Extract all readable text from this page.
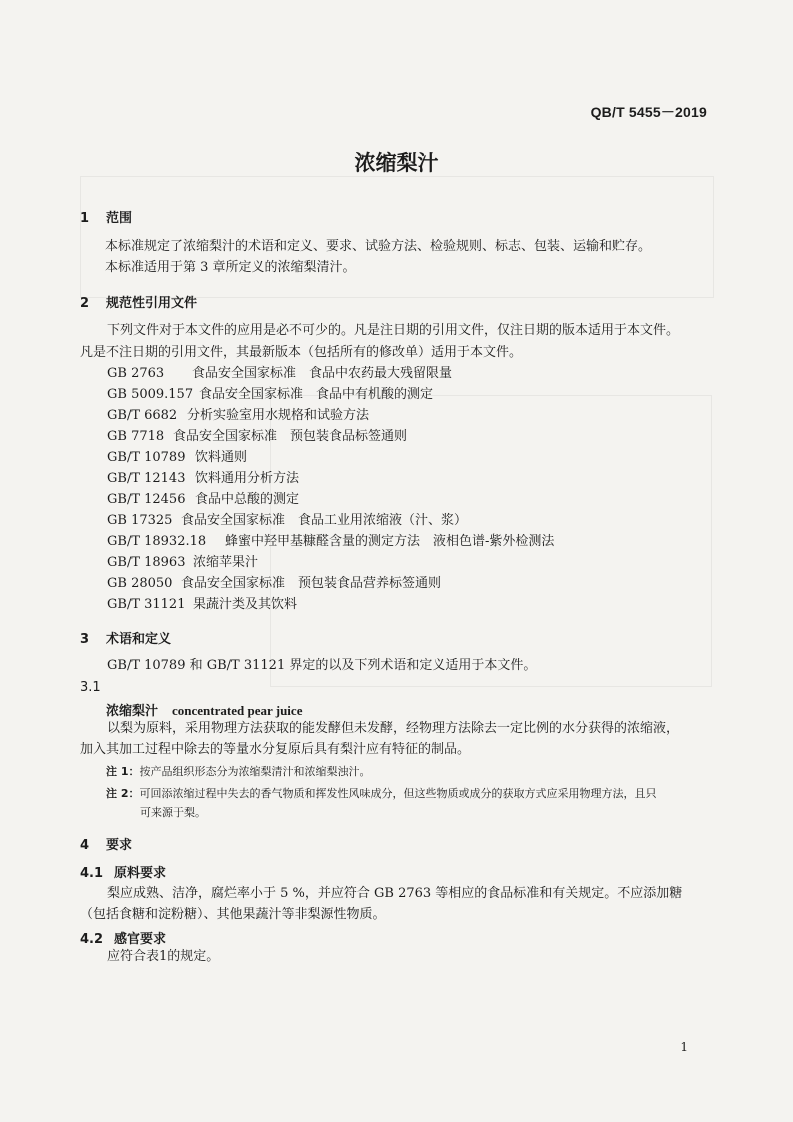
QB/T 5455－2019
浓缩梨汁
1 范围

本标准规定了浓缩梨汁的术语和定义、要求、试验方法、检验规则、标志、包装、运输和贮存。

本标准适用于第 3 章所定义的浓缩梨清汁。

2 规范性引用文件

下列文件对于本文件的应用是必不可少的。凡是注日期的引用文件，仅注日期的版本适用于本文件。

凡是不注日期的引用文件，其最新版本（包括所有的修改单）适用于本文件。

GB 2763 食品安全国家标准　食品中农药最大残留限量
GB 5009.157 食品安全国家标准　食品中有机酸的测定
GB/T 6682 分析实验室用水规格和试验方法
GB 7718 食品安全国家标准　预包装食品标签通则
GB/T 10789 饮料通则
GB/T 12143 饮料通用分析方法
GB/T 12456 食品中总酸的测定
GB 17325 食品安全国家标准　食品工业用浓缩液（汁、浆）
GB/T 18932.18 蜂蜜中羟甲基糠醛含量的测定方法　液相色谱-紫外检测法
GB/T 18963 浓缩苹果汁
GB 28050 食品安全国家标准　预包装食品营养标签通则
GB/T 31121 果蔬汁类及其饮料
3 术语和定义

GB/T 10789 和 GB/T 31121 界定的以及下列术语和定义适用于本文件。

3.1
浓缩梨汁 concentrated pear juice

以梨为原料，采用物理方法获取的能发酵但未发酵，经物理方法除去一定比例的水分获得的浓缩液，

加入其加工过程中除去的等量水分复原后具有梨汁应有特征的制品。

注 1：按产品组织形态分为浓缩梨清汁和浓缩梨浊汁。
注 2：可回添浓缩过程中失去的香气物质和挥发性风味成分，但这些物质或成分的获取方式应采用物理方法，且只
可来源于梨。
4 要求
4.1 原料要求

梨应成熟、洁净，腐烂率小于 5 %，并应符合 GB 2763 等相应的食品标准和有关规定。不应添加糖

（包括食糖和淀粉糖）、其他果蔬汁等非梨源性物质。

4.2 感官要求

应符合表1的规定。

1
